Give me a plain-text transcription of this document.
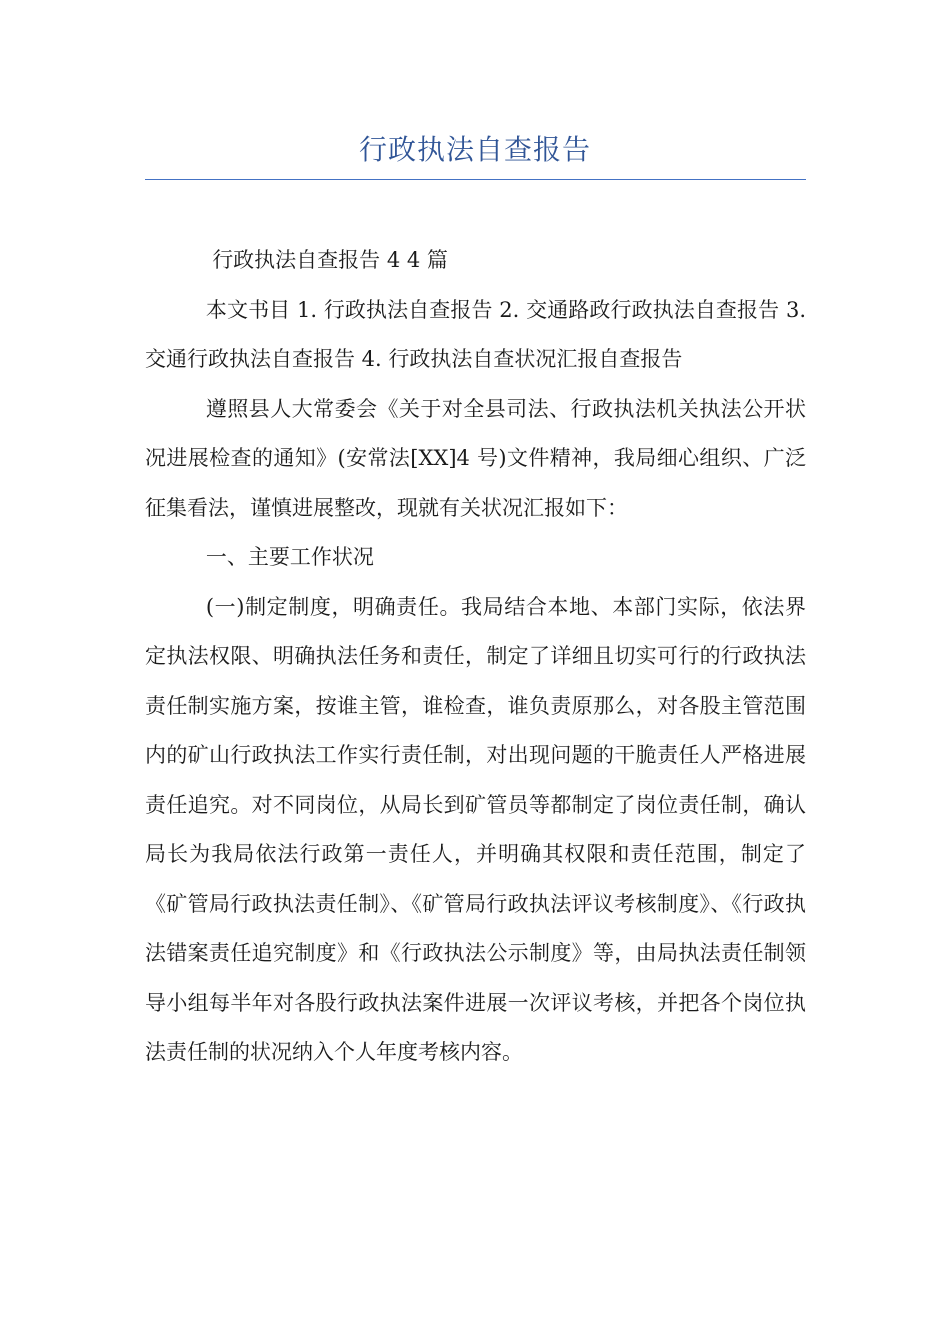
行政执法自查报告

行政执法自查报告 4 4 篇

本文书目 1. 行政执法自查报告 2. 交通路政行政执法自查报告 3. 交通行政执法自查报告 4. 行政执法自查状况汇报自查报告

遵照县人大常委会《关于对全县司法、行政执法机关执法公开状况进展检查的通知》(安常法[XX]4 号)文件精神，我局细心组织、广泛征集看法，谨慎进展整改，现就有关状况汇报如下：

一、主要工作状况

(一)制定制度，明确责任。我局结合本地、本部门实际，依法界定执法权限、明确执法任务和责任，制定了详细且切实可行的行政执法责任制实施方案，按谁主管，谁检查，谁负责原那么，对各股主管范围内的矿山行政执法工作实行责任制，对出现问题的干脆责任人严格进展责任追究。对不同岗位，从局长到矿管员等都制定了岗位责任制，确认局长为我局依法行政第一责任人，并明确其权限和责任范围，制定了《矿管局行政执法责任制》、《矿管局行政执法评议考核制度》、《行政执法错案责任追究制度》和《行政执法公示制度》等，由局执法责任制领导小组每半年对各股行政执法案件进展一次评议考核，并把各个岗位执法责任制的状况纳入个人年度考核内容。
